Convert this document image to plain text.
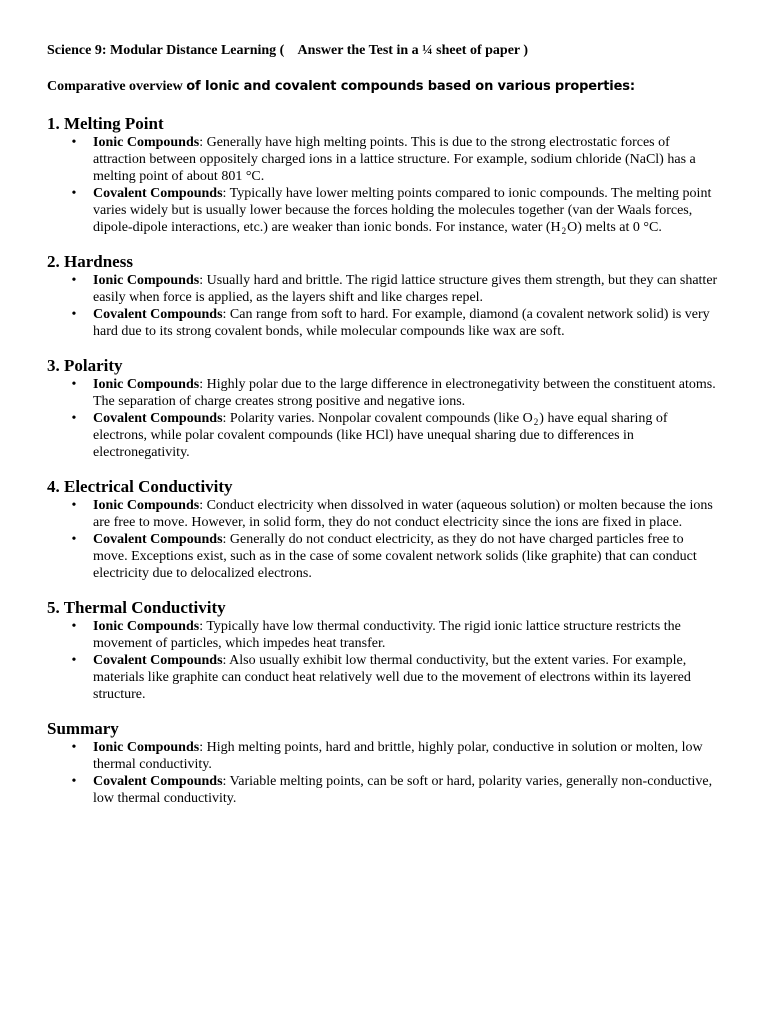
Science 9: Modular Distance Learning (    Answer the Test in a ¼ sheet of paper )
Comparative overview of Ionic and covalent compounds based on various properties:
1. Melting Point
• Ionic Compounds: Generally have high melting points. This is due to the strong electrostatic forces of attraction between oppositely charged ions in a lattice structure. For example, sodium chloride (NaCl) has a melting point of about 801 °C.
• Covalent Compounds: Typically have lower melting points compared to ionic compounds. The melting point varies widely but is usually lower because the forces holding the molecules together (van der Waals forces, dipole-dipole interactions, etc.) are weaker than ionic bonds. For instance, water $(H_2O)$ melts at 0 °C.
2. Hardness
• Ionic Compounds: Usually hard and brittle. The rigid lattice structure gives them strength, but they can shatter easily when force is applied, as the layers shift and like charges repel.
• Covalent Compounds: Can range from soft to hard. For example, diamond (a covalent network solid) is very hard due to its strong covalent bonds, while molecular compounds like wax are soft.
3. Polarity
• Ionic Compounds: Highly polar due to the large difference in electronegativity between the constituent atoms. The separation of charge creates strong positive and negative ions.
• Covalent Compounds: Polarity varies. Nonpolar covalent compounds (like $O_2$) have equal sharing of electrons, while polar covalent compounds (like HCl) have unequal sharing due to differences in electronegativity.
4. Electrical Conductivity
• Ionic Compounds: Conduct electricity when dissolved in water (aqueous solution) or molten because the ions are free to move. However, in solid form, they do not conduct electricity since the ions are fixed in place.
• Covalent Compounds: Generally do not conduct electricity, as they do not have charged particles free to move. Exceptions exist, such as in the case of some covalent network solids (like graphite) that can conduct electricity due to delocalized electrons.
5. Thermal Conductivity
• Ionic Compounds: Typically have low thermal conductivity. The rigid ionic lattice structure restricts the movement of particles, which impedes heat transfer.
• Covalent Compounds: Also usually exhibit low thermal conductivity, but the extent varies. For example, materials like graphite can conduct heat relatively well due to the movement of electrons within its layered structure.
Summary
• Ionic Compounds: High melting points, hard and brittle, highly polar, conductive in solution or molten, low thermal conductivity.
• Covalent Compounds: Variable melting points, can be soft or hard, polarity varies, generally non-conductive, low thermal conductivity.
